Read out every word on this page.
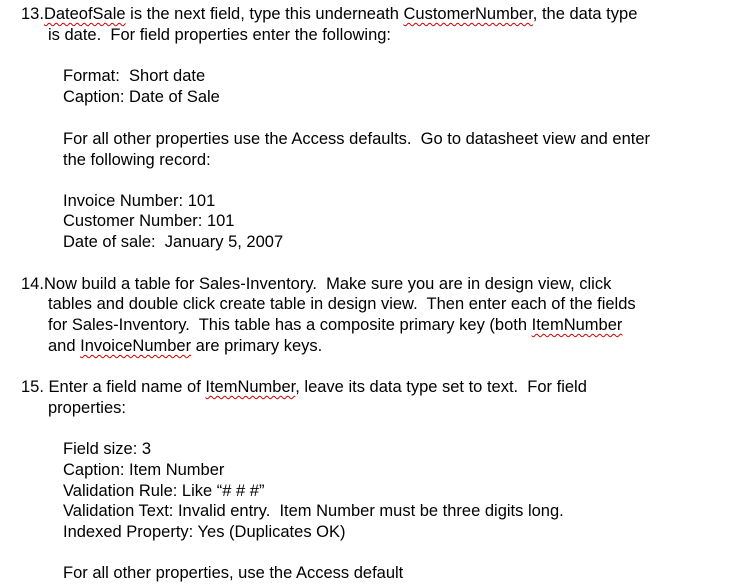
13.DateofSale is the next field, type this underneath CustomerNumber, the data type
is date.  For field properties enter the following:
Format:  Short date
Caption: Date of Sale
For all other properties use the Access defaults.  Go to datasheet view and enter
the following record:
Invoice Number: 101
Customer Number: 101
Date of sale:  January 5, 2007
14.Now build a table for Sales-Inventory.  Make sure you are in design view, click
tables and double click create table in design view.  Then enter each of the fields
for Sales-Inventory.  This table has a composite primary key (both ItemNumber
and InvoiceNumber are primary keys.
15. Enter a field name of ItemNumber, leave its data type set to text.  For field
properties:
Field size: 3
Caption: Item Number
Validation Rule: Like “# # #”
Validation Text: Invalid entry.  Item Number must be three digits long.
Indexed Property: Yes (Duplicates OK)
For all other properties, use the Access default
